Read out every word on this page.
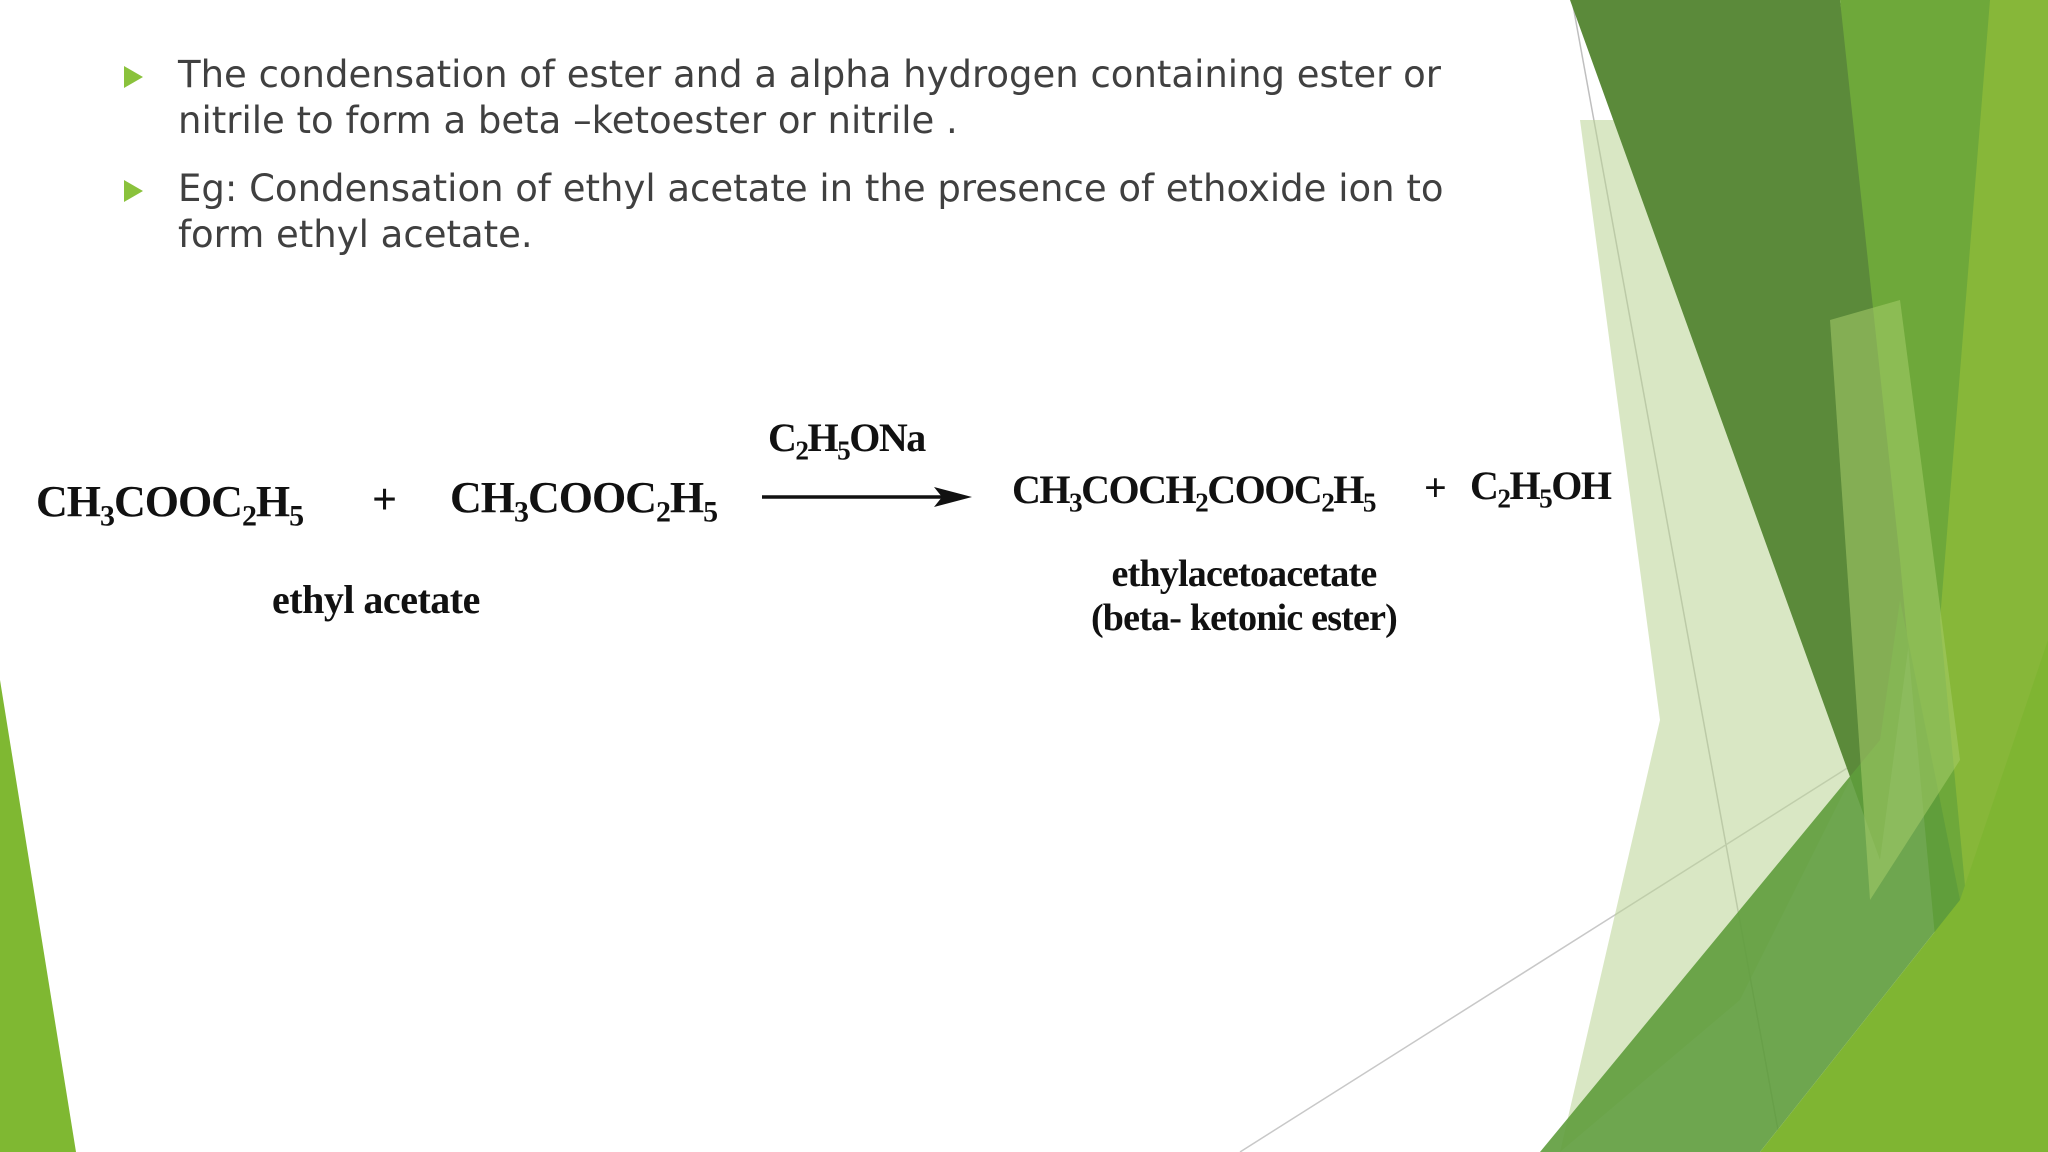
The condensation of ester and a alpha hydrogen containing ester or nitrile to form a beta –ketoester or nitrile .
Eg: Condensation of ethyl acetate in the presence of ethoxide ion to form ethyl acetate.
$CH_3COOC_2H_5$ + $CH_3COOC_2H_5$
$C_2H_5ONa$
$CH_3COCH_2COOC_2H_5 + C_2H_5OH$
ethyl acetate
ethylacetoacetate
(beta- ketonic ester)
